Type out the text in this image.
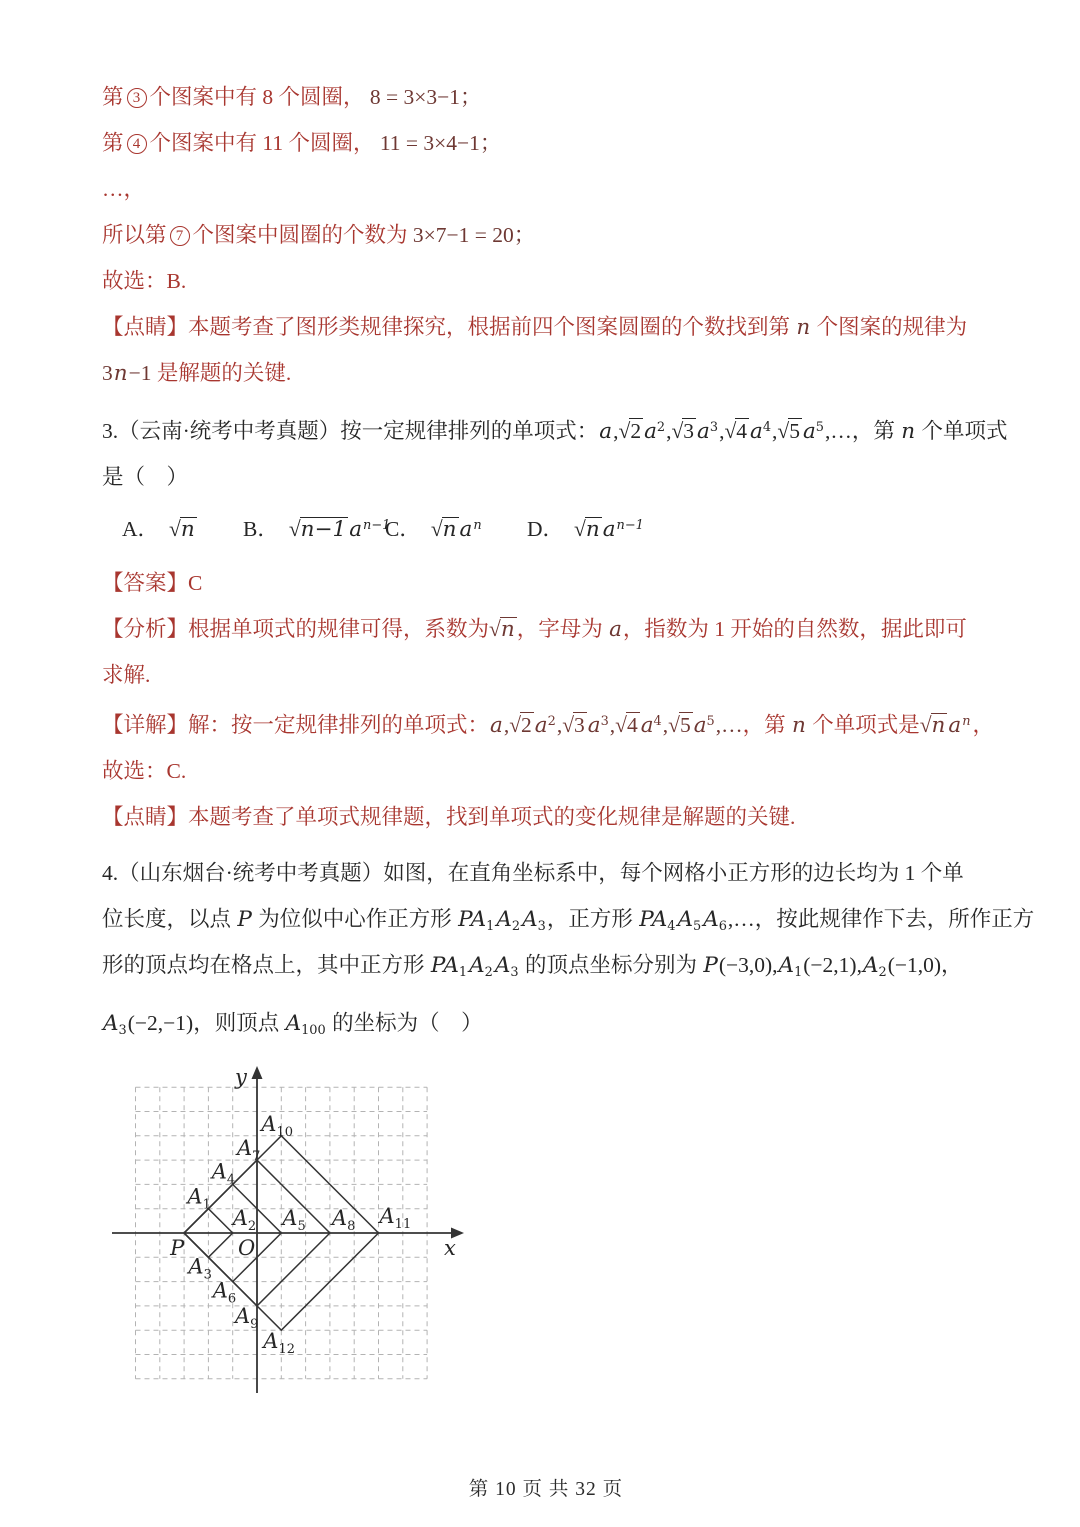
第 3 个图案中有 8 个圆圈， 8 = 3×3−1；
第 4 个图案中有 11 个圆圈， 11 = 3×4−1；
…，
所以第 7 个图案中圆圈的个数为 3×7−1 = 20；
故选：B.
【点睛】本题考查了图形类规律探究，根据前四个图案圆圈的个数找到第 n 个图案的规律为
3n−1 是解题的关键.
3.（云南·统考中考真题）按一定规律排列的单项式：a,√2 $a^2,√3$ $a^3,√4$ $a^4,√5$ $a^5,\dots$，第 n 个单项式
是（　）
A． √n B． √n−1 $a^{n-1}C$． √n $a^n$ D． √n $a^{n-1}$
【答案】C
【分析】根据单项式的规律可得，系数为√n，字母为 a，指数为 1 开始的自然数，据此即可
求解.
【详解】解：按一定规律排列的单项式：a,√2 $a^2,√3$ $a^3,√4$ $a^4,√5$ $a^5,\dots$，第 n 个单项式是√n $a^n$，
故选：C.
【点睛】本题考查了单项式规律题，找到单项式的变化规律是解题的关键.
4.（山东烟台·统考中考真题）如图，在直角坐标系中，每个网格小正方形的边长均为 1 个单
位长度，以点 P 为位似中心作正方形 $PA_1A_2A_3$，正方形 $PA_4A_5A_6,\dots$，按此规律作下去，所作正方
形的顶点均在格点上，其中正方形 $PA_1A_2A_3$ 的顶点坐标分别为 $P(-3,0),A_1(-2,1),A_2(-1,0)$，
$A_3(-2,-1)$，则顶点 $A_{100}$ 的坐标为（　）
y
x
P	O
$A_1$
$A_2$
$A_3$
$A_4$
$A_5$
$A_6$
$A_7$
$A_8$
$A_9$
$A_{10}$
$A_{11}$
$A_{12}$
第 10 页 共 32 页
